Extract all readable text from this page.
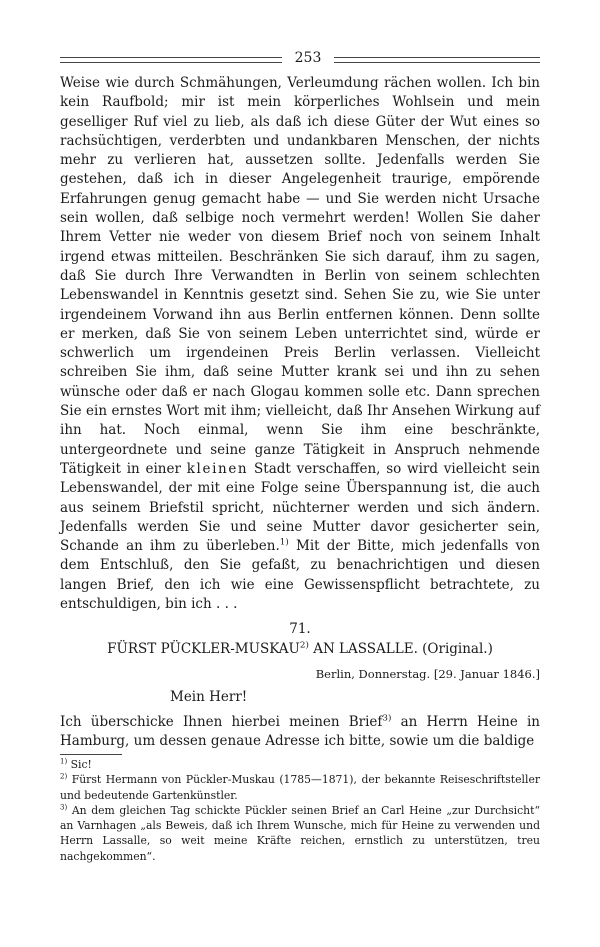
253

Weise wie durch Schmähungen, Verleumdung rächen wollen. Ich bin kein Raufbold; mir ist mein körperliches Wohlsein und mein geselliger Ruf viel zu lieb, als daß ich diese Güter der Wut eines so rachsüchtigen, verderbten und undankbaren Menschen, der nichts mehr zu verlieren hat, aussetzen sollte. Jedenfalls werden Sie gestehen, daß ich in dieser Angelegenheit traurige, empörende Erfahrungen genug gemacht habe — und Sie werden nicht Ursache sein wollen, daß selbige noch vermehrt werden! Wollen Sie daher Ihrem Vetter nie weder von diesem Brief noch von seinem Inhalt irgend etwas mitteilen. Beschränken Sie sich darauf, ihm zu sagen, daß Sie durch Ihre Verwandten in Berlin von seinem schlechten Lebenswandel in Kenntnis gesetzt sind. Sehen Sie zu, wie Sie unter irgendeinem Vorwand ihn aus Berlin entfernen können. Denn sollte er merken, daß Sie von seinem Leben unterrichtet sind, würde er schwerlich um irgendeinen Preis Berlin verlassen. Vielleicht schreiben Sie ihm, daß seine Mutter krank sei und ihn zu sehen wünsche oder daß er nach Glogau kommen solle etc. Dann sprechen Sie ein ernstes Wort mit ihm; vielleicht, daß Ihr Ansehen Wirkung auf ihn hat. Noch einmal, wenn Sie ihm eine beschränkte, untergeordnete und seine ganze Tätigkeit in Anspruch nehmende Tätigkeit in einer kleinen Stadt verschaffen, so wird vielleicht sein Lebenswandel, der mit eine Folge seine Überspannung ist, die auch aus seinem Briefstil spricht, nüchterner werden und sich ändern. Jedenfalls werden Sie und seine Mutter davor gesicherter sein, Schande an ihm zu überleben.$^{1)}$ Mit der Bitte, mich jedenfalls von dem Entschluß, den Sie gefaßt, zu benachrichtigen und diesen langen Brief, den ich wie eine Gewissenspflicht betrachtete, zu entschuldigen, bin ich . . .

71.
FÜRST PÜCKLER-MUSKAU$^{2)}$ AN LASSALLE. (Original.)
Berlin, Donnerstag. [29. Januar 1846.]
Mein Herr!

Ich überschicke Ihnen hierbei meinen Brief$^{3)}$ an Herrn Heine in Hamburg, um dessen genaue Adresse ich bitte, sowie um die baldige

$^{1)}$ Sic!
$^{2)}$ Fürst Hermann von Pückler-Muskau (1785—1871), der bekannte Reiseschriftsteller und bedeutende Gartenkünstler.
$^{3)}$ An dem gleichen Tag schickte Pückler seinen Brief an Carl Heine „zur Durchsicht“ an Varnhagen „als Beweis, daß ich Ihrem Wunsche, mich für Heine zu verwenden und Herrn Lassalle, so weit meine Kräfte reichen, ernstlich zu unterstützen, treu nachgekommen“.
